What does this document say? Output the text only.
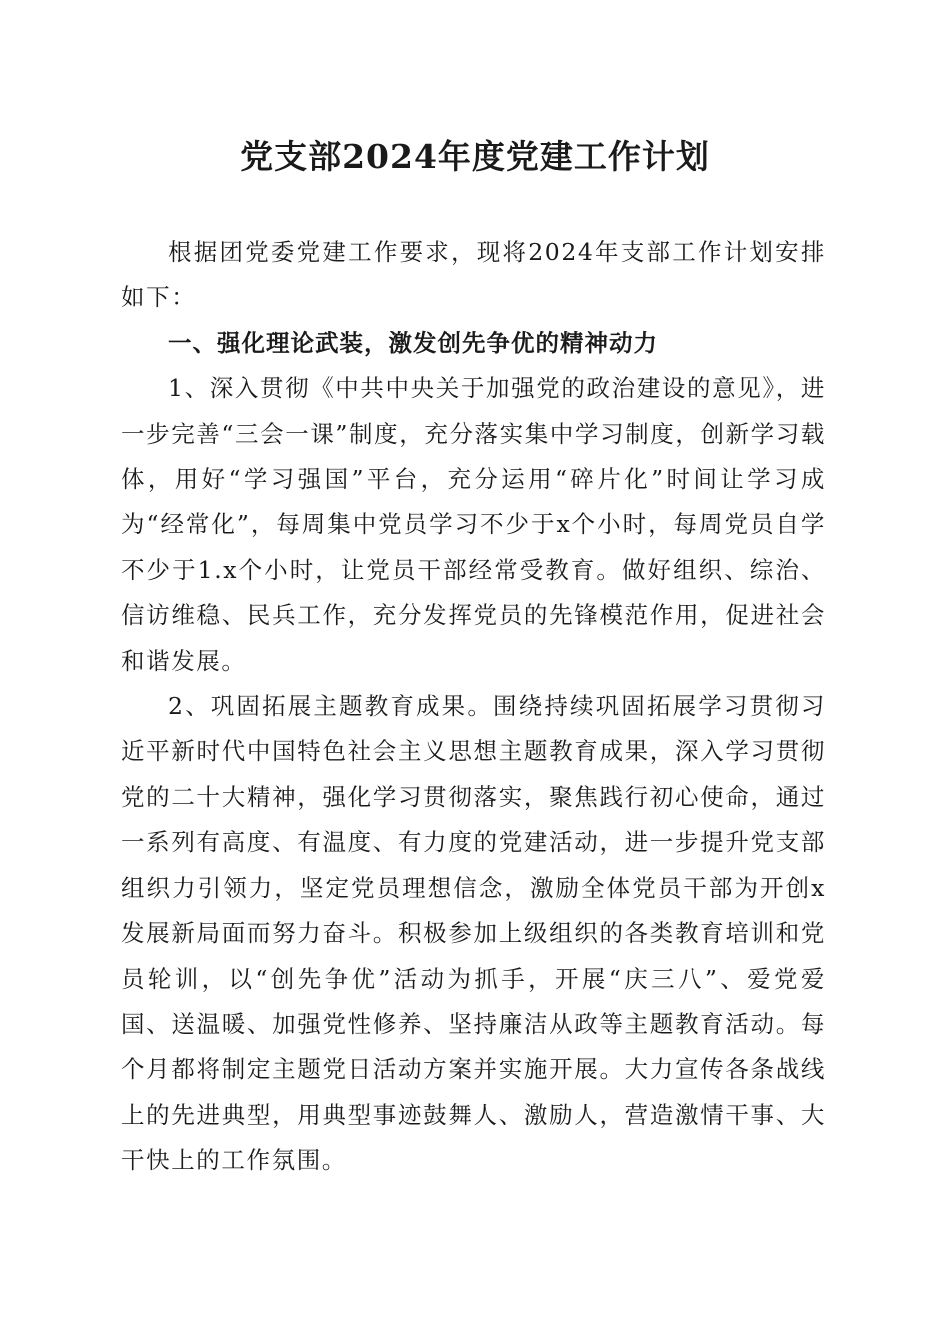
党支部2024年度党建工作计划

根据团党委党建工作要求，现将2024年支部工作计划安排如下：

一、强化理论武装，激发创先争优的精神动力

1、深入贯彻《中共中央关于加强党的政治建设的意见》，进一步完善“三会一课”制度，充分落实集中学习制度，创新学习载体，用好“学习强国”平台，充分运用“碎片化”时间让学习成为“经常化”，每周集中党员学习不少于x个小时，每周党员自学不少于1.x个小时，让党员干部经常受教育。做好组织、综治、信访维稳、民兵工作，充分发挥党员的先锋模范作用，促进社会和谐发展。

2、巩固拓展主题教育成果。围绕持续巩固拓展学习贯彻习近平新时代中国特色社会主义思想主题教育成果，深入学习贯彻党的二十大精神，强化学习贯彻落实，聚焦践行初心使命，通过一系列有高度、有温度、有力度的党建活动，进一步提升党支部组织力引领力，坚定党员理想信念，激励全体党员干部为开创x发展新局面而努力奋斗。积极参加上级组织的各类教育培训和党员轮训，以“创先争优”活动为抓手，开展“庆三八”、爱党爱国、送温暖、加强党性修养、坚持廉洁从政等主题教育活动。每个月都将制定主题党日活动方案并实施开展。大力宣传各条战线上的先进典型，用典型事迹鼓舞人、激励人，营造激情干事、大干快上的工作氛围。
